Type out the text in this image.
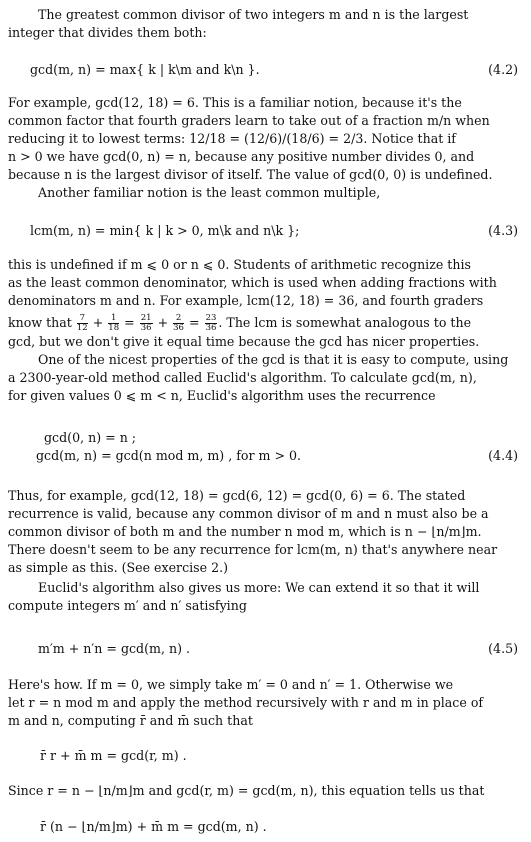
The greatest common divisor of two integers m and n is the largest
integer that divides them both:
gcd(m, n) = max{ k | k\m and k\n }.	(4.2)
For example, gcd(12, 18) = 6. This is a familiar notion, because it's the
common factor that fourth graders learn to take out of a fraction m/n when
reducing it to lowest terms: 12/18 = (12/6)/(18/6) = 2/3. Notice that if
n > 0 we have gcd(0, n) = n, because any positive number divides 0, and
because n is the largest divisor of itself. The value of gcd(0, 0) is undefined.
Another familiar notion is the least common multiple,
lcm(m, n) = min{ k | k > 0, m\k and n\k };	(4.3)
this is undefined if m ⩽ 0 or n ⩽ 0. Students of arithmetic recognize this
as the least common denominator, which is used when adding fractions with
denominators m and n. For example, lcm(12, 18) = 36, and fourth graders
know that $\frac{7}{12} + \frac{1}{18} = \frac{21}{36} + \frac{2}{36} = \frac{23}{36}$ . The lcm is somewhat analogous to the
gcd, but we don't give it equal time because the gcd has nicer properties.
One of the nicest properties of the gcd is that it is easy to compute, using
a 2300-year-old method called Euclid's algorithm. To calculate gcd(m, n),
for given values 0 ⩽ m < n, Euclid's algorithm uses the recurrence
gcd(0, n) = n ;
gcd(m, n) = gcd(n mod m, m) , for m > 0.	(4.4)
Thus, for example, gcd(12, 18) = gcd(6, 12) = gcd(0, 6) = 6. The stated
recurrence is valid, because any common divisor of m and n must also be a
common divisor of both m and the number n mod m, which is n − ⌊n/m⌋m.
There doesn't seem to be any recurrence for lcm(m, n) that's anywhere near
as simple as this. (See exercise 2.)
Euclid's algorithm also gives us more: We can extend it so that it will
compute integers m′ and n′ satisfying
m′m + n′n = gcd(m, n) .	(4.5)
Here's how. If m = 0, we simply take m′ = 0 and n′ = 1. Otherwise we
let r = n mod m and apply the method recursively with r and m in place of
m and n, computing r̄ and m̄ such that
r̄ r + m̄ m = gcd(r, m) .
Since r = n − ⌊n/m⌋m and gcd(r, m) = gcd(m, n), this equation tells us that
r̄ (n − ⌊n/m⌋m) + m̄ m = gcd(m, n) .
